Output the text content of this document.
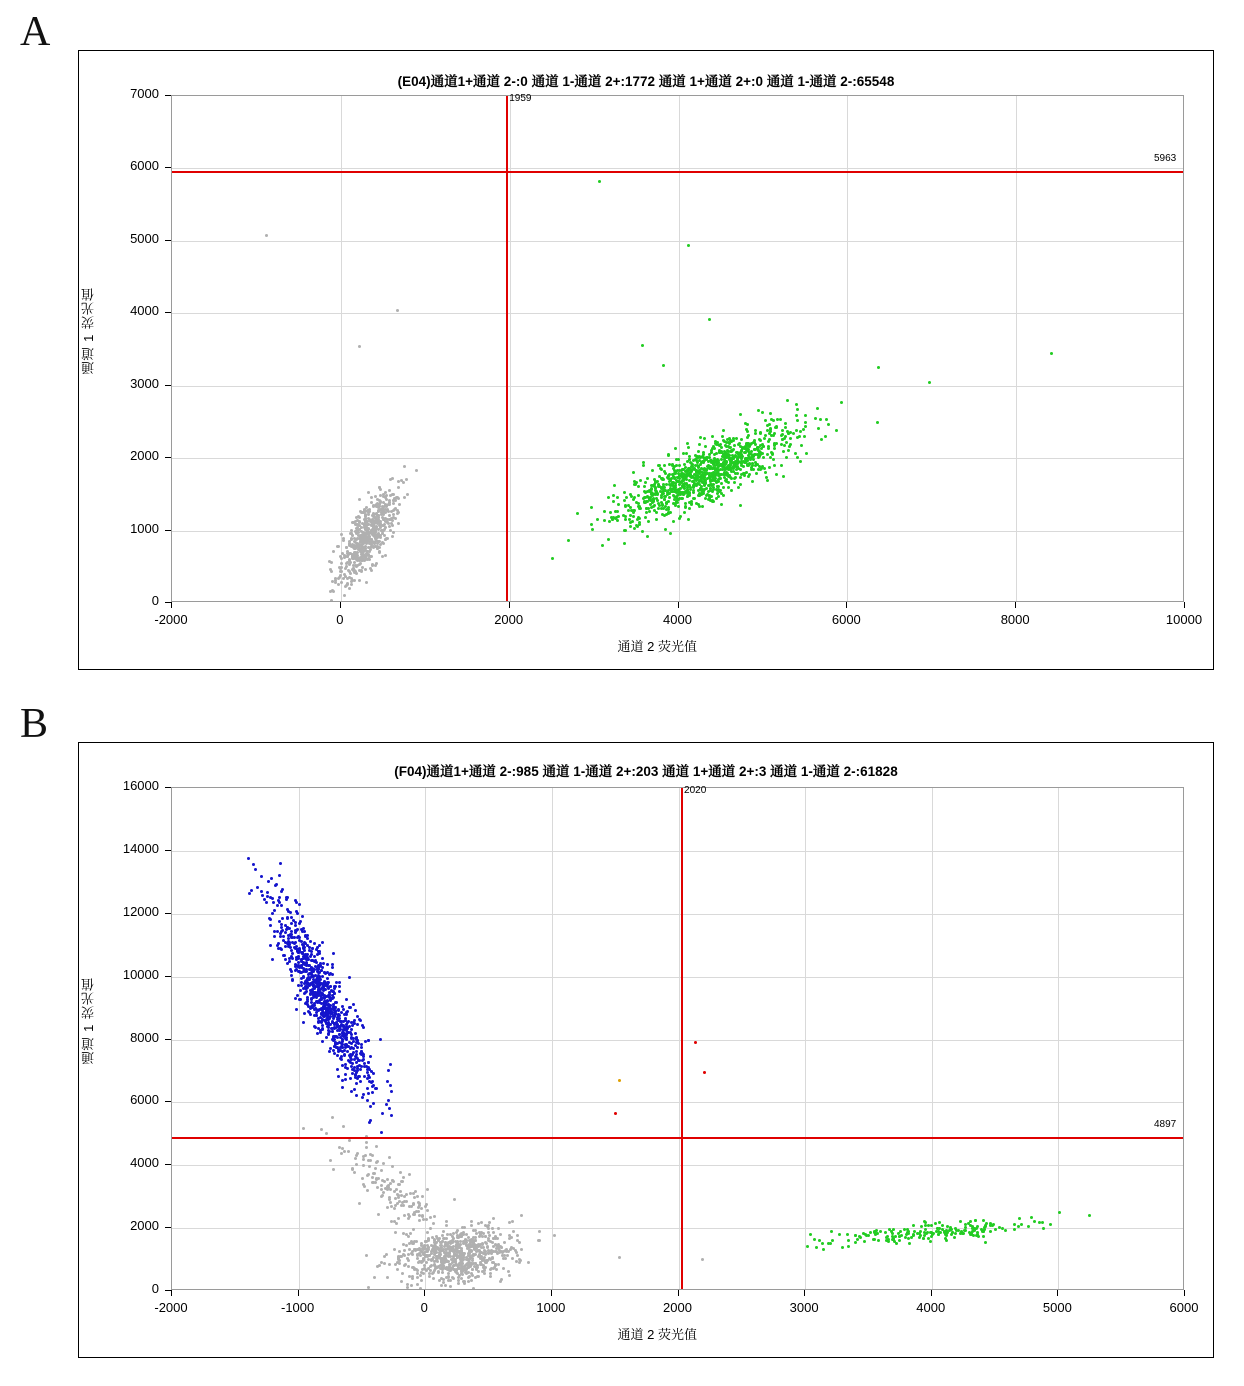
A
(E04)通道1+通道 2-:0 通道 1-通道 2+:1772 通道 1+通道 2+:0 通道 1-通道 2-:65548
1959
5963
0
1000
2000
3000
4000
5000
6000
7000
-2000	0	2000	4000	6000	8000	10000
通道 1 荧光值
通道 2 荧光值
B
(F04)通道1+通道 2-:985 通道 1-通道 2+:203 通道 1+通道 2+:3 通道 1-通道 2-:61828
2020
4897
0
2000
4000
6000
8000
10000
12000
14000
16000
-2000	-1000	0	1000	2000	3000	4000	5000	6000
通道 1 荧光值
通道 2 荧光值
